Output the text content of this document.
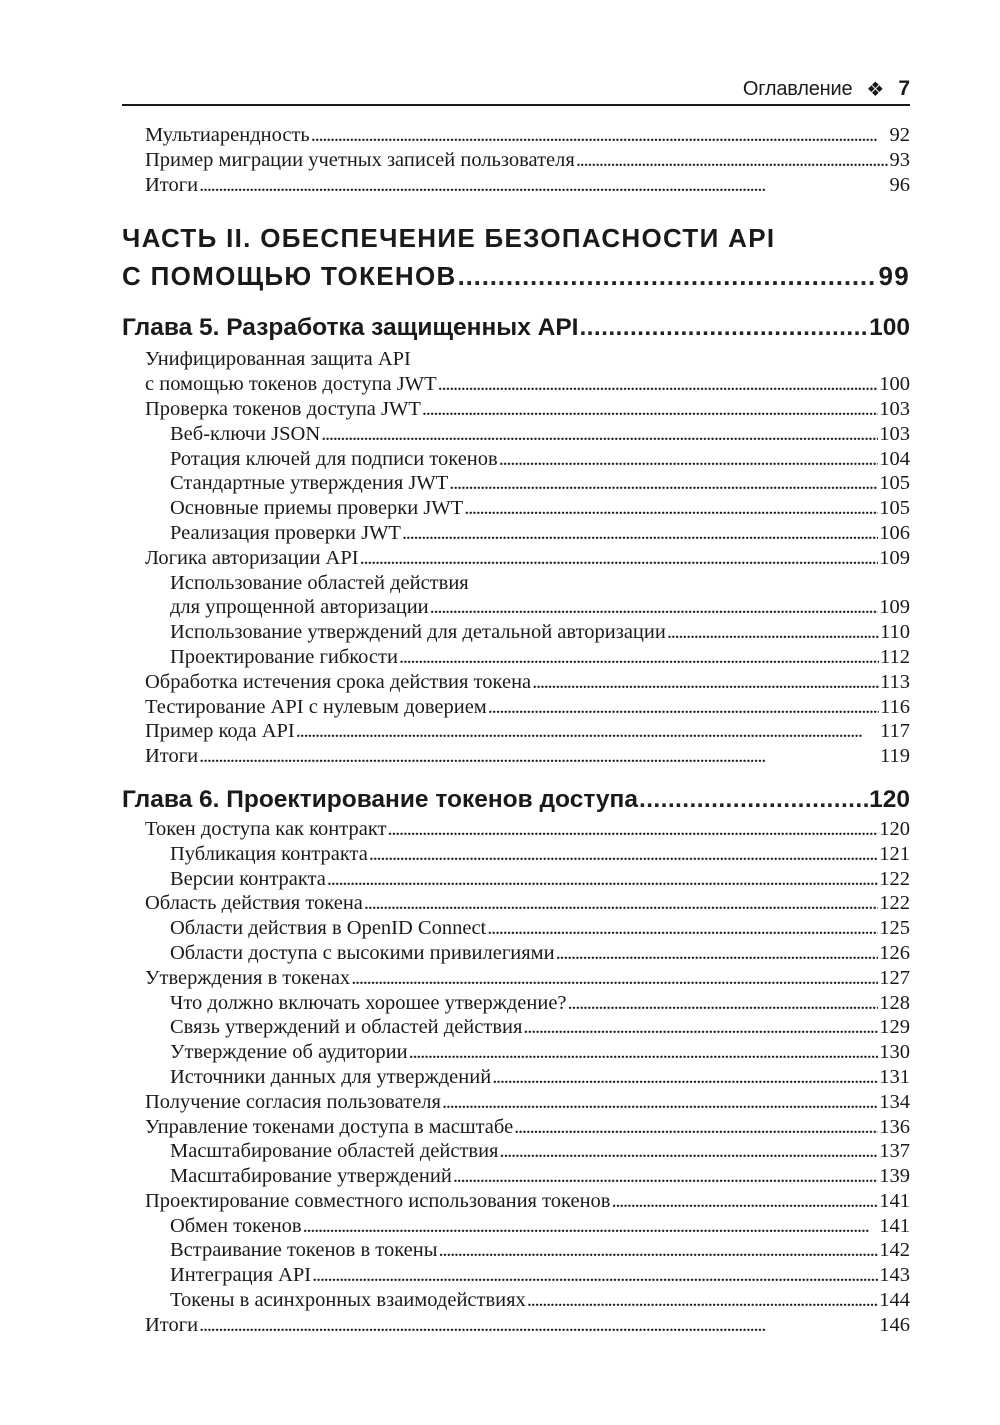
Оглавление ❖ 7
Мультиарендность . . .	92
Пример миграции учетных записей пользователя . . .	93
Итоги . . .	96
ЧАСТЬ II. ОБЕСПЕЧЕНИЕ БЕЗОПАСНОСТИ API
С ПОМОЩЬЮ ТОКЕНОВ . . .	99
Глава 5. Разработка защищенных API . . .	100
Унифицированная защита API
с помощью токенов доступа JWT . . .	100
Проверка токенов доступа JWT . . .	103
Веб-ключи JSON . . .	103
Ротация ключей для подписи токенов . . .	104
Стандартные утверждения JWT . . .	105
Основные приемы проверки JWT . . .	105
Реализация проверки JWT . . .	106
Логика авторизации API . . .	109
Использование областей действия
для упрощенной авторизации . . .	109
Использование утверждений для детальной авторизации . . .	110
Проектирование гибкости . . .	112
Обработка истечения срока действия токена . . .	113
Тестирование API с нулевым доверием . . .	116
Пример кода API . . .	117
Итоги . . .	119
Глава 6. Проектирование токенов доступа . . .	120
Токен доступа как контракт . . .	120
Публикация контракта . . .	121
Версии контракта . . .	122
Область действия токена . . .	122
Области действия в OpenID Connect . . .	125
Области доступа с высокими привилегиями . . .	126
Утверждения в токенах . . .	127
Что должно включать хорошее утверждение? . . .	128
Связь утверждений и областей действия . . .	129
Утверждение об аудитории . . .	130
Источники данных для утверждений . . .	131
Получение согласия пользователя . . .	134
Управление токенами доступа в масштабе . . .	136
Масштабирование областей действия . . .	137
Масштабирование утверждений . . .	139
Проектирование совместного использования токенов . . .	141
Обмен токенов . . .	141
Встраивание токенов в токены . . .	142
Интеграция API . . .	143
Токены в асинхронных взаимодействиях . . .	144
Итоги . . .	146
